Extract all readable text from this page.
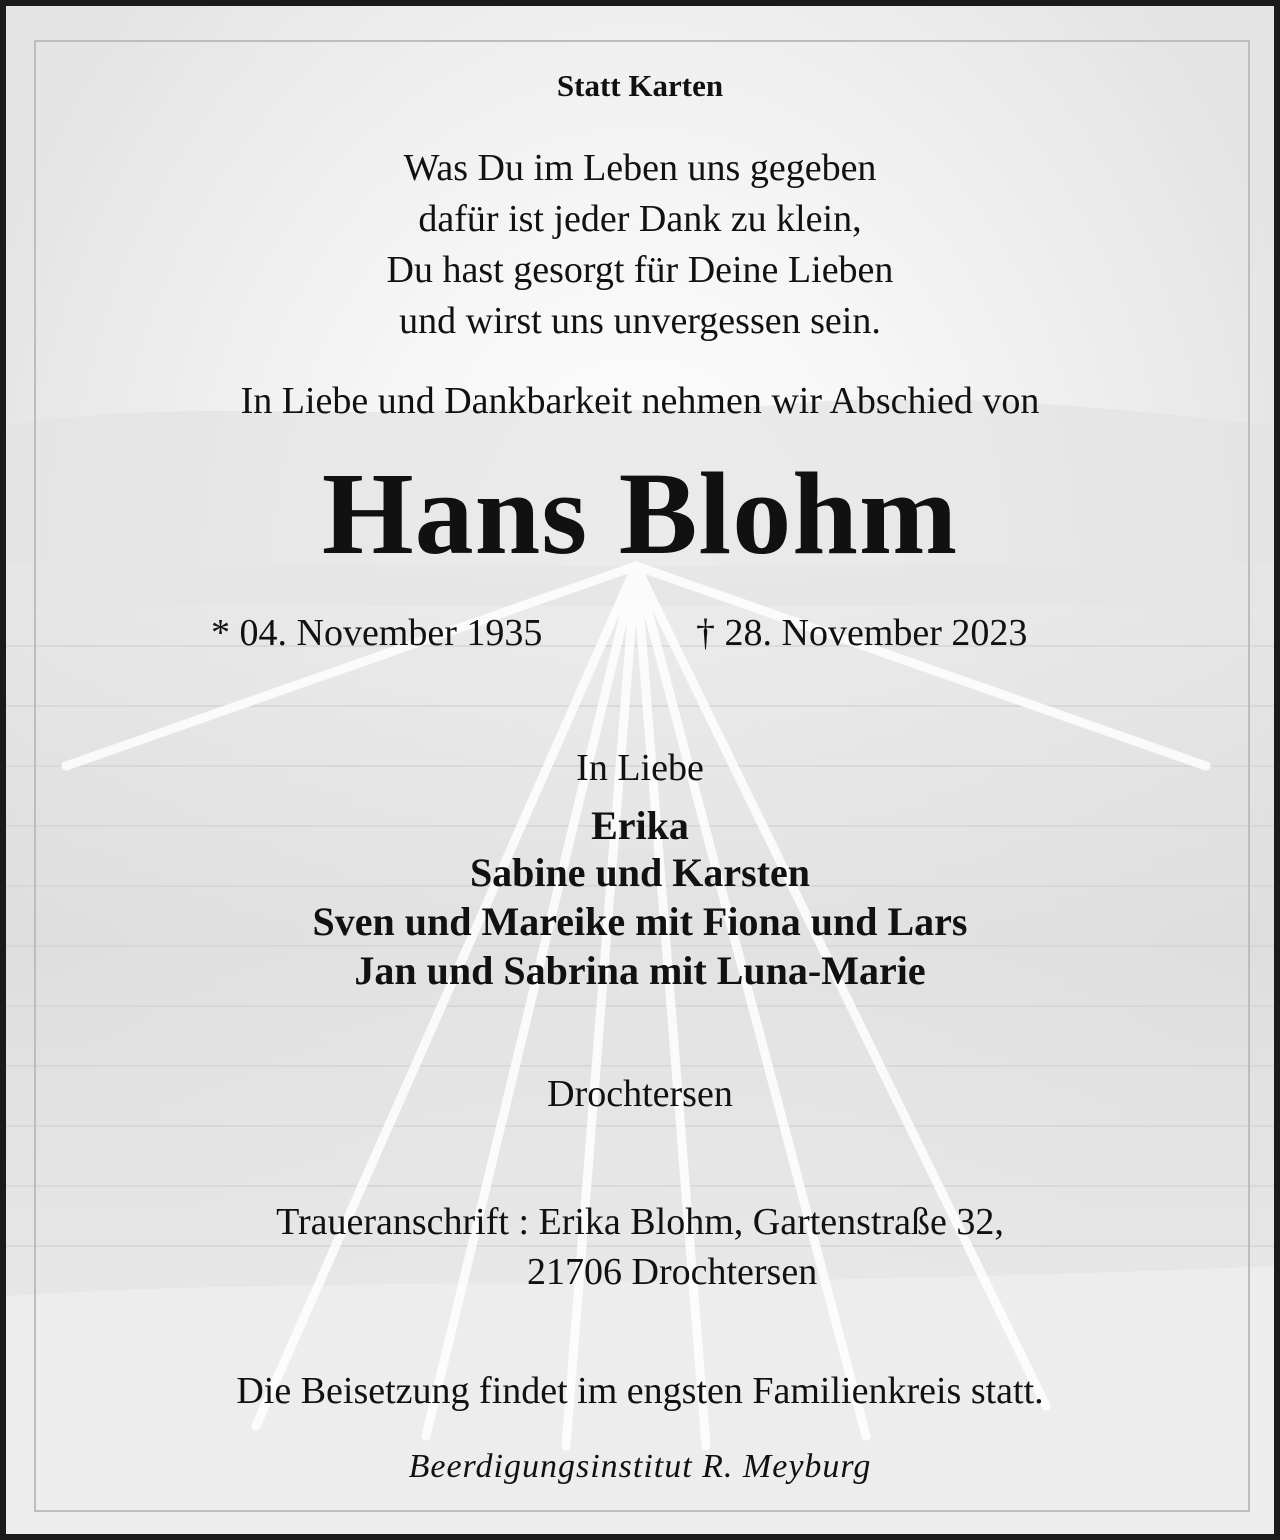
Statt Karten
Was Du im Leben uns gegeben
dafür ist jeder Dank zu klein,
Du hast gesorgt für Deine Lieben
und wirst uns unvergessen sein.
In Liebe und Dankbarkeit nehmen wir Abschied von
Hans Blohm
* 04. November 1935	† 28. November 2023
In Liebe
Erika
Sabine und Karsten
Sven und Mareike mit Fiona und Lars
Jan und Sabrina mit Luna-Marie
Drochtersen
Traueranschrift : Erika Blohm, Gartenstraße 32,
21706 Drochtersen
Die Beisetzung findet im engsten Familienkreis statt.
Beerdigungsinstitut R. Meyburg
